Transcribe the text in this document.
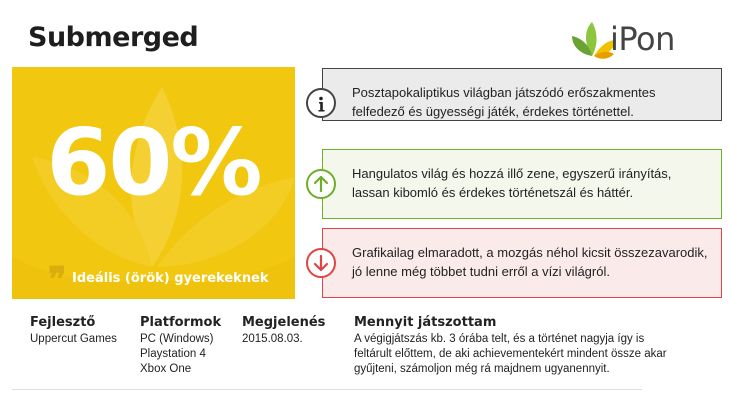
Submerged	iPon
60%
❞ Ideális (örök) gyerekeknek
Posztapokaliptikus világban játszódó erőszakmentes felfedező és ügyességi játék, érdekes történettel.
Hangulatos világ és hozzá illő zene, egyszerű irányítás, lassan kibomló és érdekes történetszál és háttér.
Grafikailag elmaradott, a mozgás néhol kicsit összezavarodik, jó lenne még többet tudni erről a vízi világról.
Fejlesztő
Uppercut Games
Platformok
PC (Windows)
Playstation 4
Xbox One
Megjelenés
2015.08.03.
Mennyit játszottam
A végigjátszás kb. 3 órába telt, és a történet nagyja így is feltárult előttem, de aki achievementekért mindent össze akar gyűjteni, számoljon még rá majdnem ugyanennyit.
